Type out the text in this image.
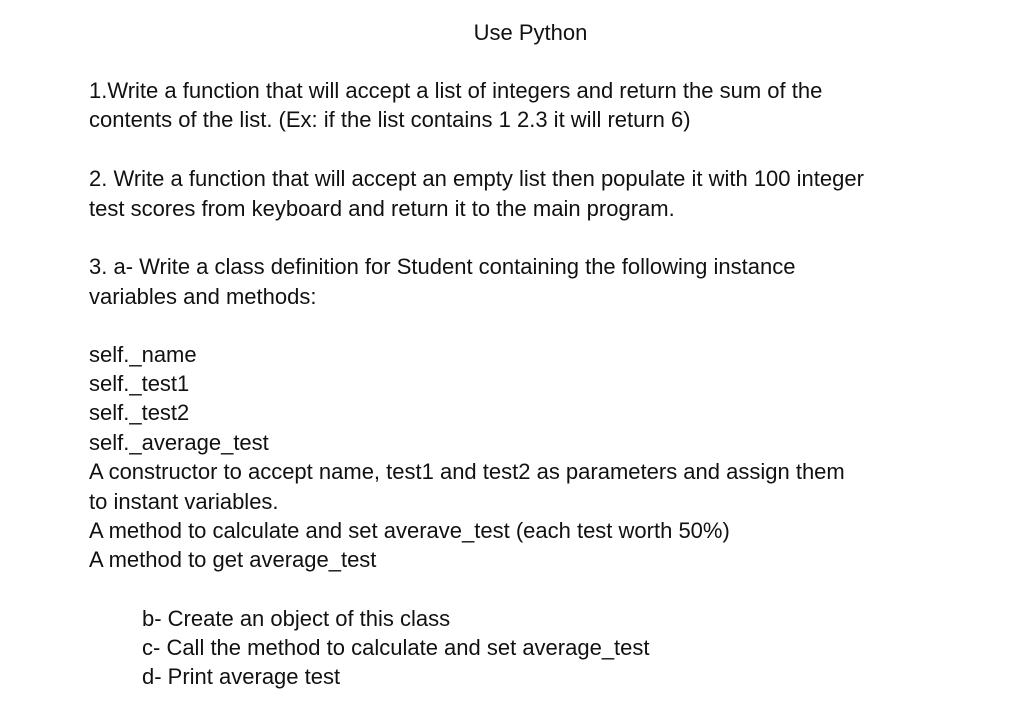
Use Python
1.Write a function that will accept a list of integers and return the sum of the
contents of the list. (Ex: if the list contains 1 2.3 it will return 6)
2. Write a function that will accept an empty list then populate it with 100 integer
test scores from keyboard and return it to the main program.
3. a- Write a class definition for Student containing the following instance
variables and methods:
self._name
self._test1
self._test2
self._average_test
A constructor to accept name, test1 and test2 as parameters and assign them
to instant variables.
A method to calculate and set averave_test (each test worth 50%)
A method to get average_test
b- Create an object of this class
c- Call the method to calculate and set average_test
d- Print average test
